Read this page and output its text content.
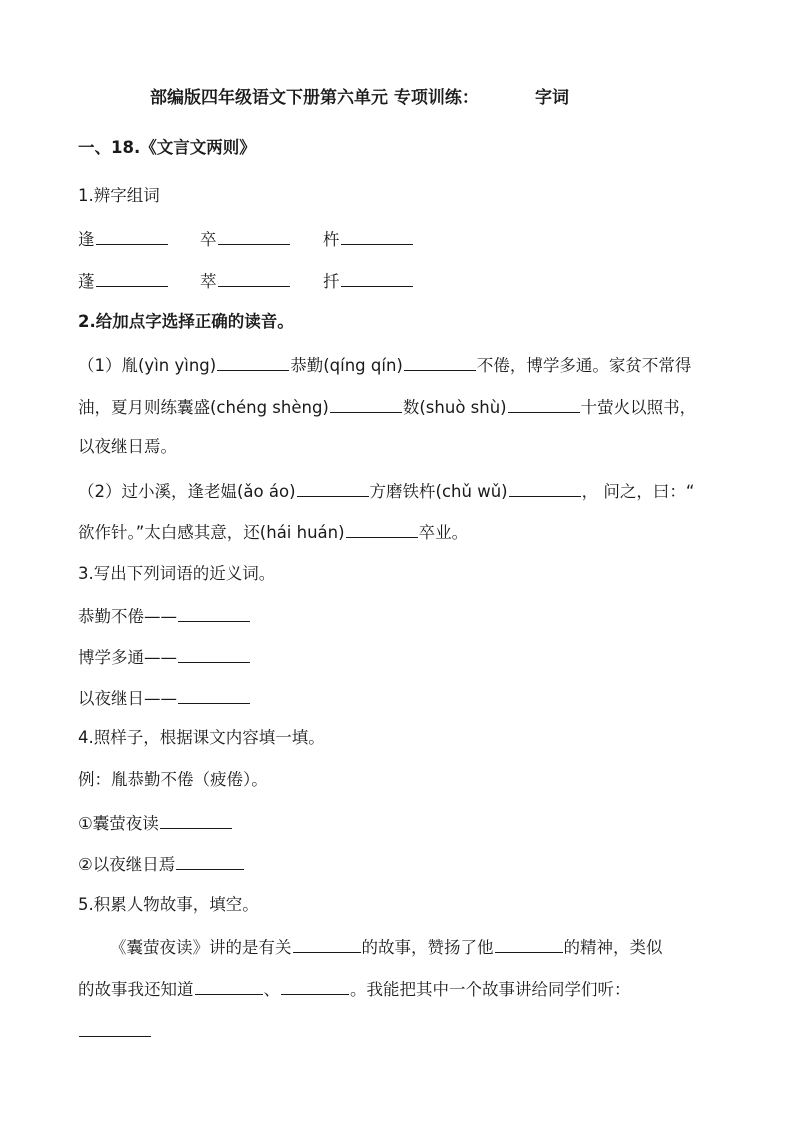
部编版四年级语文下册第六单元 专项训练：	字词
一、18.《文言文两则》
1.辨字组词
逢	卒	杵
蓬	萃	扦
2.给加点字选择正确的读音。
（1）胤(yìn yìng)	恭勤(qíng qín)	不倦，博学多通。家贫不常得
油，夏月则练囊盛(chéng shèng)	数(shuò shù)	十萤火以照书，
以夜继日焉。
（2）过小溪，逢老媪(ǎo áo)	方磨铁杵(chǔ wǔ)	， 问之，曰：“
欲作针。”太白感其意，还(hái huán)	卒业。
3.写出下列词语的近义词。
恭勤不倦——
博学多通——
以夜继日——
4.照样子，根据课文内容填一填。
例：胤恭勤不倦（疲倦）。
①囊萤夜读
②以夜继日焉
5.积累人物故事，填空。
《囊萤夜读》讲的是有关	的故事，赞扬了他	的精神，类似
的故事我还知道	、	。我能把其中一个故事讲给同学们听：
